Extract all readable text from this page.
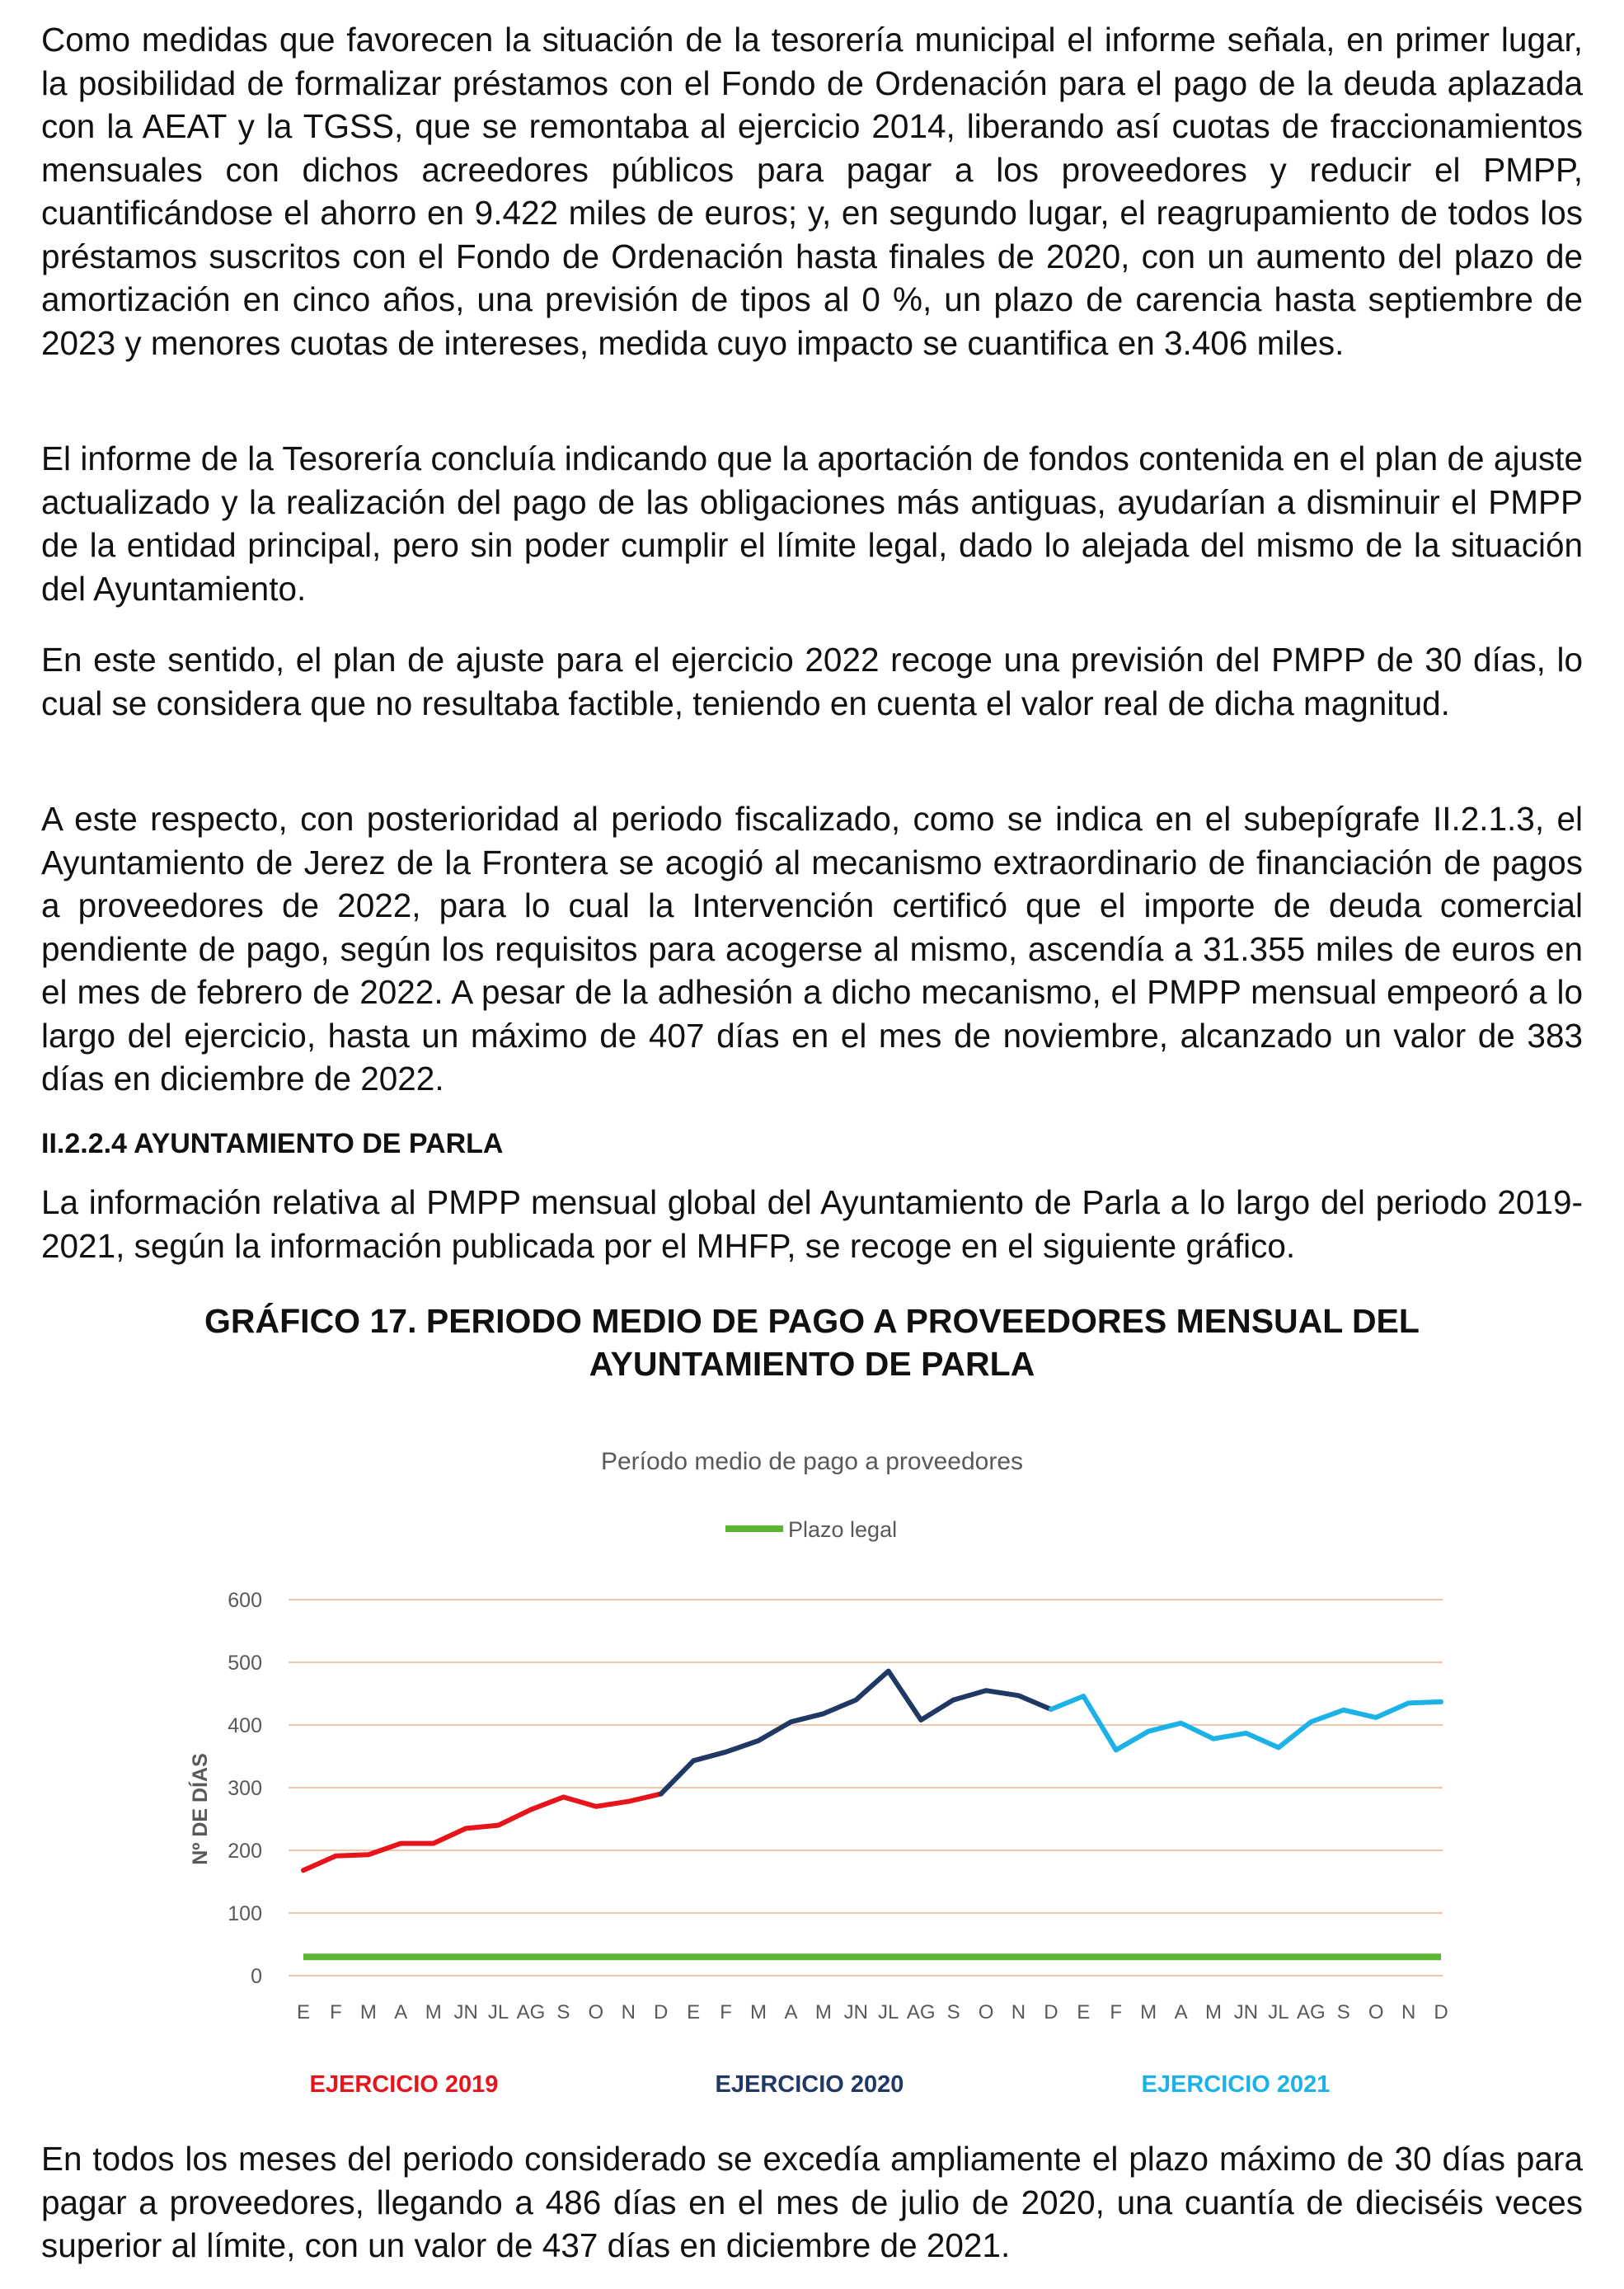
Como medidas que favorecen la situación de la tesorería municipal el informe señala, en primer lugar, la posibilidad de formalizar préstamos con el Fondo de Ordenación para el pago de la deuda aplazada con la AEAT y la TGSS, que se remontaba al ejercicio 2014, liberando así cuotas de fraccionamientos mensuales con dichos acreedores públicos para pagar a los proveedores y reducir el PMPP, cuantificándose el ahorro en 9.422 miles de euros; y, en segundo lugar, el reagrupamiento de todos los préstamos suscritos con el Fondo de Ordenación hasta finales de 2020, con un aumento del plazo de amortización en cinco años, una previsión de tipos al 0 %, un plazo de carencia hasta septiembre de 2023 y menores cuotas de intereses, medida cuyo impacto se cuantifica en 3.406 miles.

El informe de la Tesorería concluía indicando que la aportación de fondos contenida en el plan de ajuste actualizado y la realización del pago de las obligaciones más antiguas, ayudarían a disminuir el PMPP de la entidad principal, pero sin poder cumplir el límite legal, dado lo alejada del mismo de la situación del Ayuntamiento.

En este sentido, el plan de ajuste para el ejercicio 2022 recoge una previsión del PMPP de 30 días, lo cual se considera que no resultaba factible, teniendo en cuenta el valor real de dicha magnitud.

A este respecto, con posterioridad al periodo fiscalizado, como se indica en el subepígrafe II.2.1.3, el Ayuntamiento de Jerez de la Frontera se acogió al mecanismo extraordinario de financiación de pagos a proveedores de 2022, para lo cual la Intervención certificó que el importe de deuda comercial pendiente de pago, según los requisitos para acogerse al mismo, ascendía a 31.355 miles de euros en el mes de febrero de 2022. A pesar de la adhesión a dicho mecanismo, el PMPP mensual empeoró a lo largo del ejercicio, hasta un máximo de 407 días en el mes de noviembre, alcanzado un valor de 383 días en diciembre de 2022.

II.2.2.4 AYUNTAMIENTO DE PARLA

La información relativa al PMPP mensual global del Ayuntamiento de Parla a lo largo del periodo 2019-2021, según la información publicada por el MHFP, se recoge en el siguiente gráfico.

GRÁFICO 17. PERIODO MEDIO DE PAGO A PROVEEDORES MENSUAL DEL
AYUNTAMIENTO DE PARLA
Período medio de pago a proveedores
Plazo legal
Nº DE DÍAS
0
100
200
300
400
500
600
E F M A M JN JL AG S O N D E F M A M JN JL AG S O N D E F M A M JN JL AG S O N D
EJERCICIO 2019	EJERCICIO 2020	EJERCICIO 2021

En todos los meses del periodo considerado se excedía ampliamente el plazo máximo de 30 días para pagar a proveedores, llegando a 486 días en el mes de julio de 2020, una cuantía de dieciséis veces superior al límite, con un valor de 437 días en diciembre de 2021.
